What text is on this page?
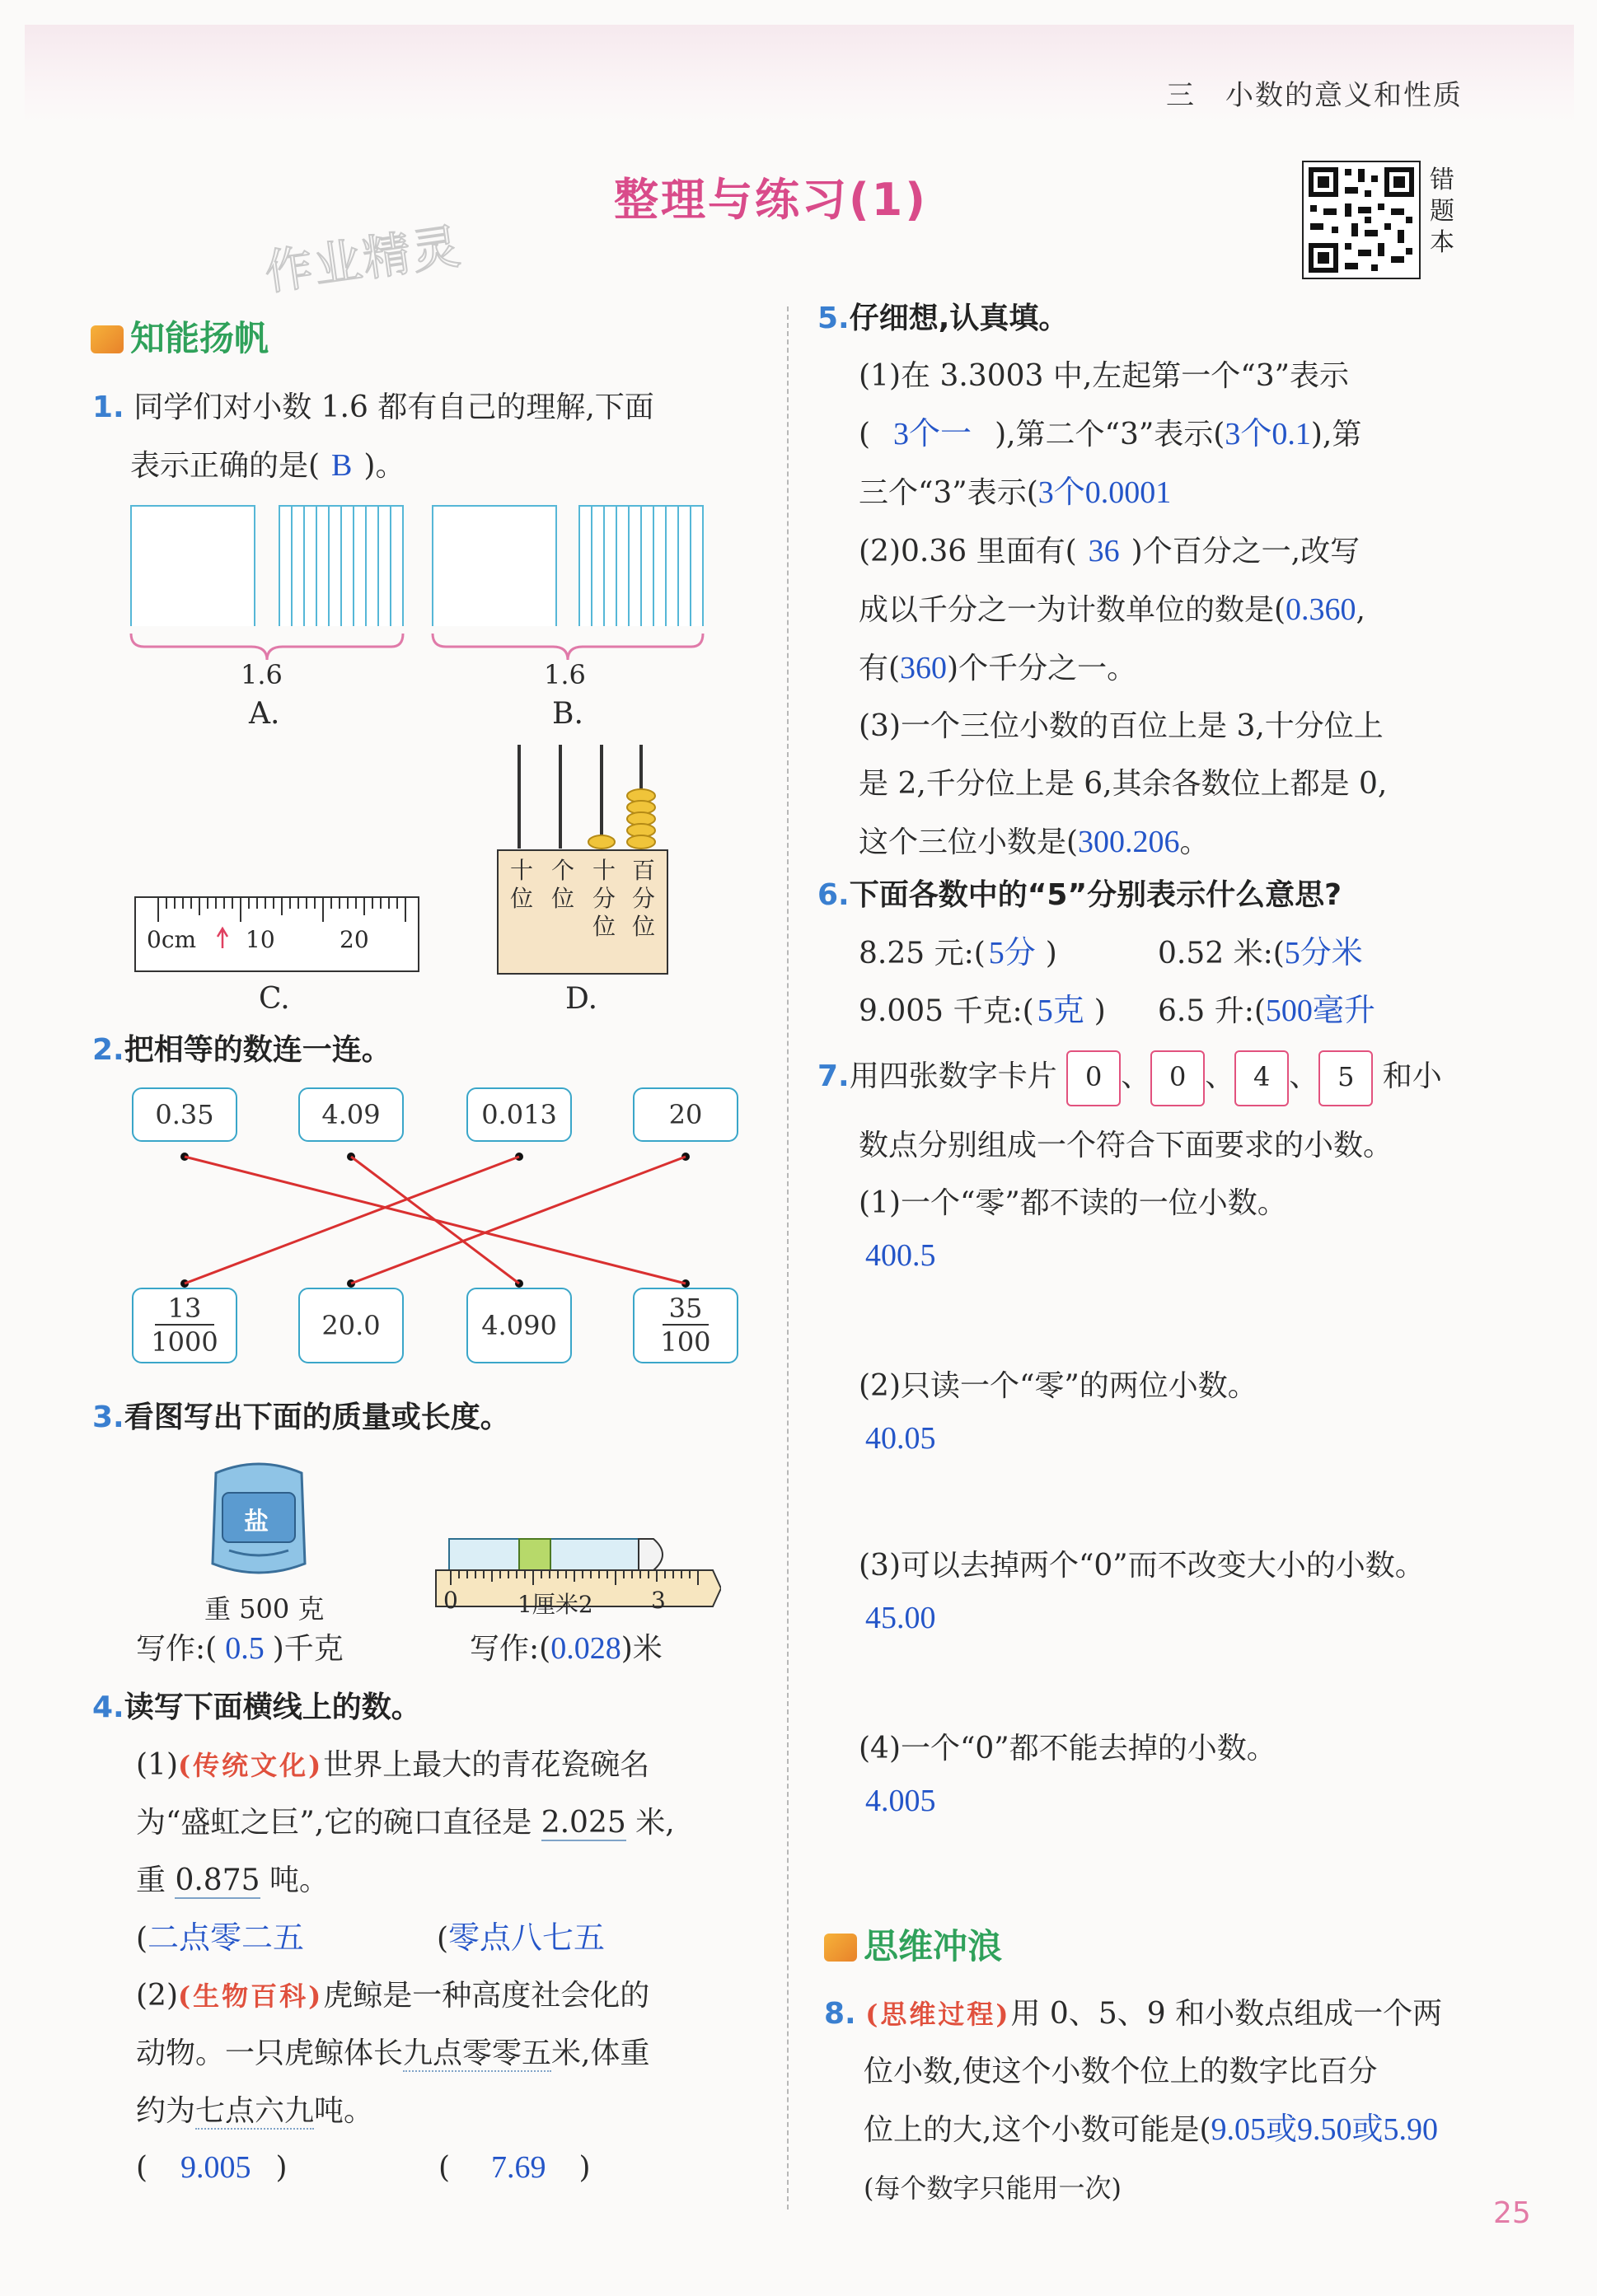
三　小数的意义和性质
整理与练习(1)
作业精灵
错
题
本
知能扬帆
1. 同学们对小数 1.6 都有自己的理解,下面
表示正确的是( B )。
1.6
A.
1.6
B.
0cm 10	20
C.
十
位
个
位
十
分
位
百
分
位
D.
2.把相等的数连一连。
0.35	4.09	0.013	20
$\frac{13}{1000}$	20.0	4.090	$\frac{35}{100}$
3.看图写出下面的质量或长度。
盐
重 500 克	0	1厘米2	3
写作:( 0.5 )千克	写作:(0.028)米
4.读写下面横线上的数。
(1)(传统文化)世界上最大的青花瓷碗名
为“盛虹之巨”,它的碗口直径是 2.025 米,
重 0.875 吨。
(二点零二五	(零点八七五
(2)(生物百科)虎鲸是一种高度社会化的
动物。一只虎鲸体长九点零零五米,体重
约为七点六九吨。
( 9.005 )	( 7.69 )
5.仔细想,认真填。
(1)在 3.3003 中,左起第一个“3”表示
( 3个一 ),第二个“3”表示(3个0.1),第
三个“3”表示(3个0.0001
(2)0.36 里面有( 36 )个百分之一,改写
成以千分之一为计数单位的数是(0.360,
有(360)个千分之一。
(3)一个三位小数的百位上是 3,十分位上
是 2,千分位上是 6,其余各数位上都是 0,
这个三位小数是(300.206。
6.下面各数中的“5”分别表示什么意思?
8.25 元:( 5分 )	0.52 米:(5分米
9.005 千克:( 5克 ) 6.5 升:(500毫升
7.用四张数字卡片 0 、 0 、 4 、 5 和小
数点分别组成一个符合下面要求的小数。
(1)一个“零”都不读的一位小数。
400.5
(2)只读一个“零”的两位小数。
40.05
(3)可以去掉两个“0”而不改变大小的小数。
45.00
(4)一个“0”都不能去掉的小数。
4.005
思维冲浪
8. (思维过程)用 0、5、9 和小数点组成一个两
位小数,使这个小数个位上的数字比百分
位上的大,这个小数可能是(9.05或9.50或5.90
(每个数字只能用一次)
25
